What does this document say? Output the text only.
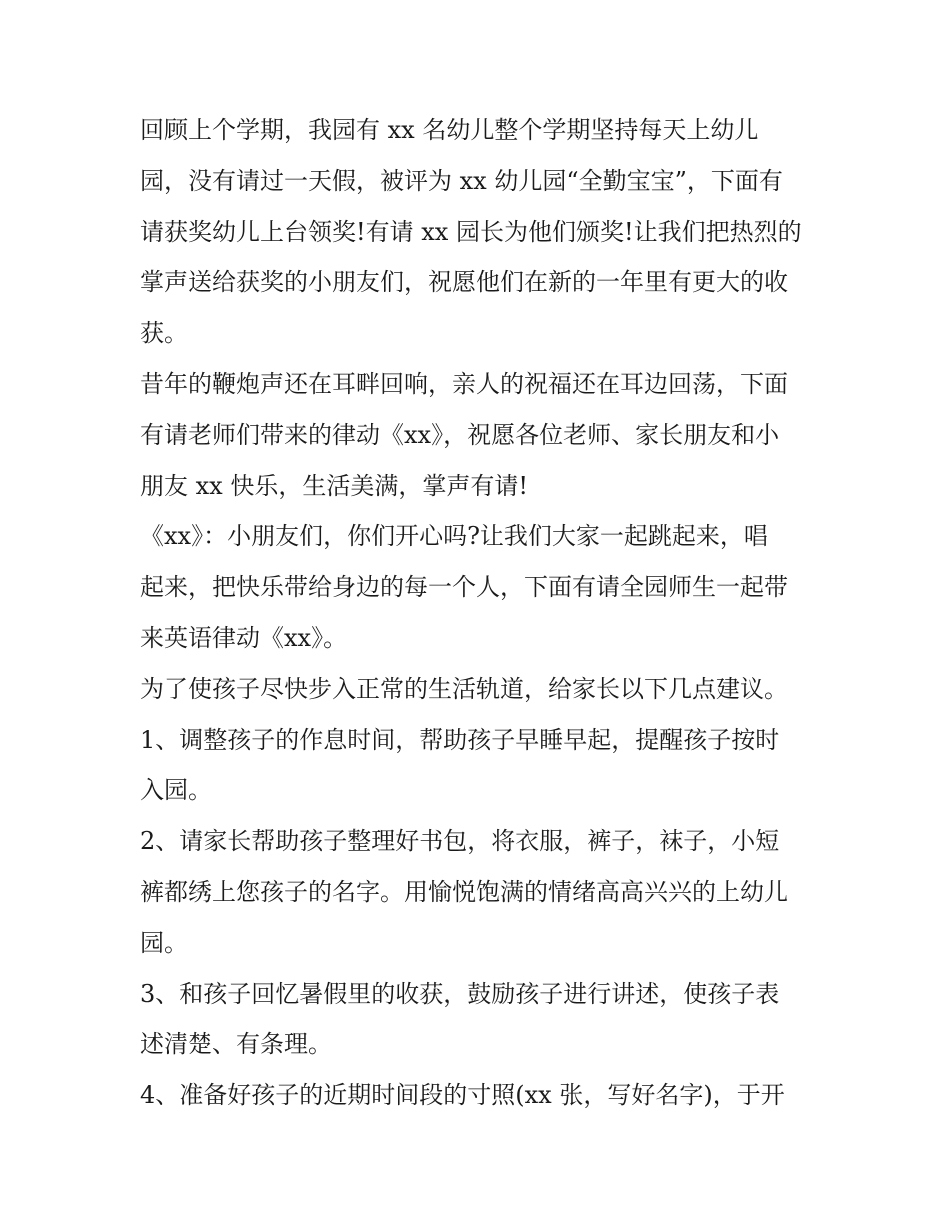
回顾上个学期，我园有 xx 名幼儿整个学期坚持每天上幼儿
园，没有请过一天假，被评为 xx 幼儿园“全勤宝宝”，下面有
请获奖幼儿上台领奖!有请 xx 园长为他们颁奖!让我们把热烈的
掌声送给获奖的小朋友们，祝愿他们在新的一年里有更大的收
获。
昔年的鞭炮声还在耳畔回响，亲人的祝福还在耳边回荡，下面
有请老师们带来的律动《xx》，祝愿各位老师、家长朋友和小
朋友 xx 快乐，生活美满，掌声有请!
《xx》：小朋友们，你们开心吗?让我们大家一起跳起来，唱
起来，把快乐带给身边的每一个人，下面有请全园师生一起带
来英语律动《xx》。
为了使孩子尽快步入正常的生活轨道，给家长以下几点建议。
1、调整孩子的作息时间，帮助孩子早睡早起，提醒孩子按时
入园。
2、请家长帮助孩子整理好书包，将衣服，裤子，袜子，小短
裤都绣上您孩子的名字。用愉悦饱满的情绪高高兴兴的上幼儿
园。
3、和孩子回忆暑假里的收获，鼓励孩子进行讲述，使孩子表
述清楚、有条理。
4、准备好孩子的近期时间段的寸照(xx 张，写好名字)，于开
